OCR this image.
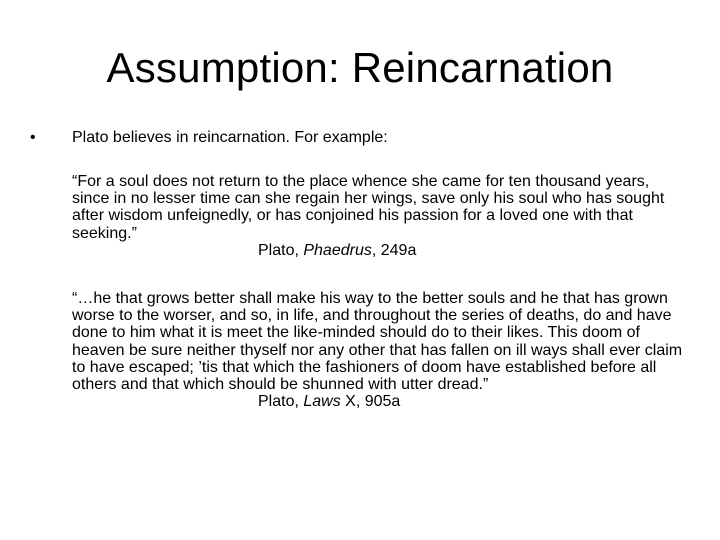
Assumption: Reincarnation
•	Plato believes in reincarnation. For example:
“For a soul does not return to the place whence she came for ten thousand years, since in no lesser time can she regain her wings, save only his soul who has sought after wisdom unfeignedly, or has conjoined his passion for a loved one with that seeking.”
Plato, Phaedrus, 249a
“…he that grows better shall make his way to the better souls and he that has grown worse to the worser, and so, in life, and throughout the series of deaths, do and have done to him what it is meet the like-minded should do to their likes. This doom of heaven be sure neither thyself nor any other that has fallen on ill ways shall ever claim to have escaped; ’tis that which the fashioners of doom have established before all others and that which should be shunned with utter dread.”
Plato, Laws X, 905a
